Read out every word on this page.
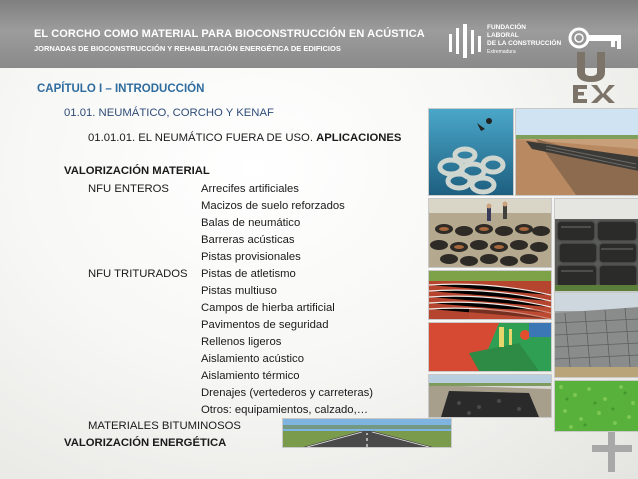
EL CORCHO COMO MATERIAL PARA BIOCONSTRUCCIÓN EN ACÚSTICA
JORNADAS DE BIOCONSTRUCCIÓN Y REHABILITACIÓN ENERGÉTICA DE EDIFICIOS
FUNDACIÓN
LABORAL
DE LA CONSTRUCCIÓN
Extremadura
CAPÍTULO I – INTRODUCCIÓN
01.01. NEUMÁTICO, CORCHO Y KENAF
01.01.01. EL NEUMÁTICO FUERA DE USO. APLICACIONES
VALORIZACIÓN MATERIAL
NFU ENTEROS	Arrecifes artificiales
Macizos de suelo reforzados
Balas de neumático
Barreras acústicas
Pistas provisionales
NFU TRITURADOS Pistas de atletismo
Pistas multiuso
Campos de hierba artificial
Pavimentos de seguridad
Rellenos ligeros
Aislamiento acústico
Aislamiento térmico
Drenajes (vertederos y carreteras)
Otros: equipamientos, calzado,…
MATERIALES BITUMINOSOS
VALORIZACIÓN ENERGÉTICA
